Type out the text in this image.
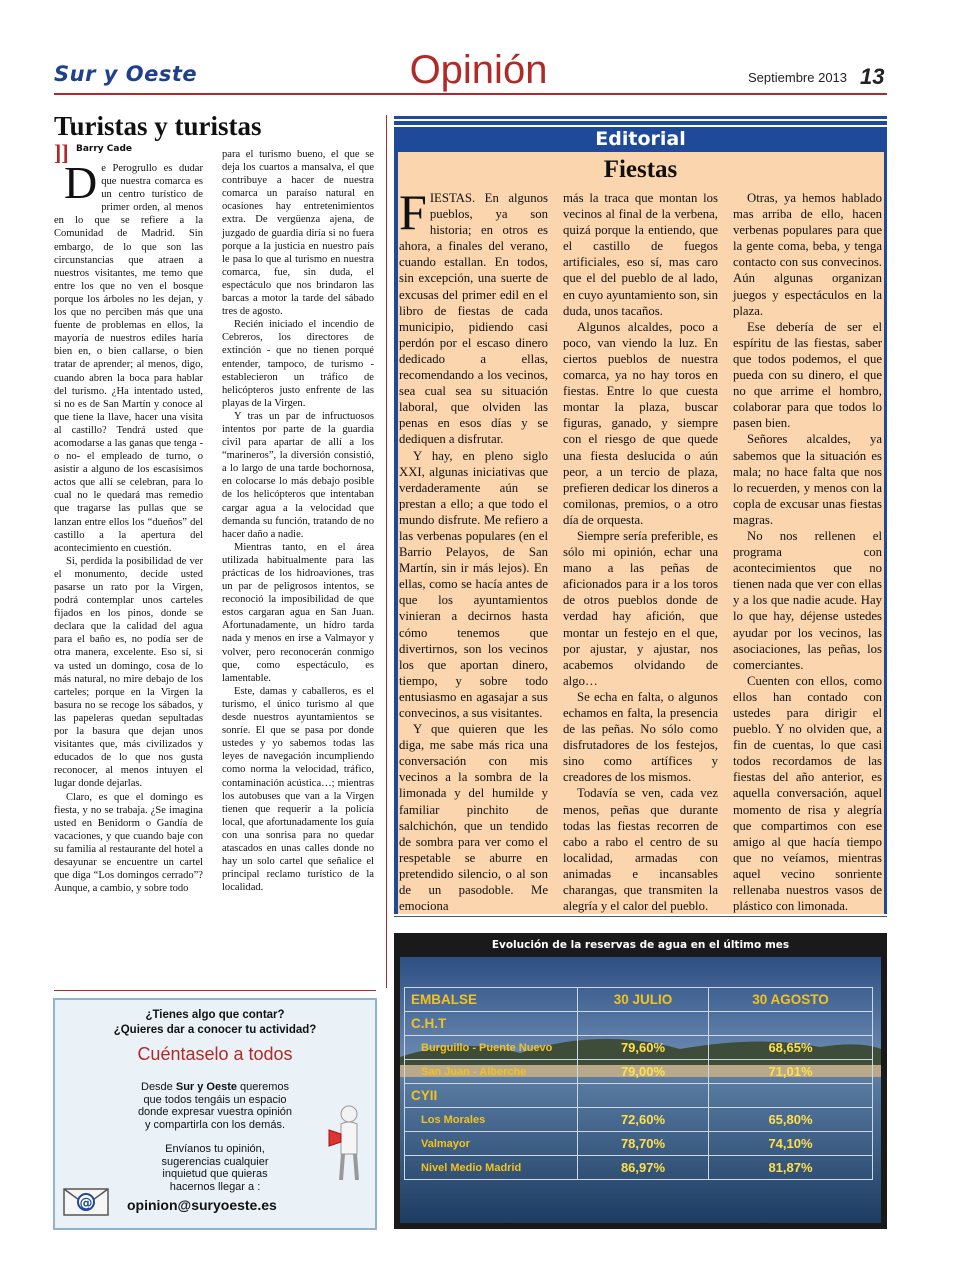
Sur y Oeste	Opinión	Septiembre 2013 13
Turistas y turistas
]] Barry Cade

De Perogrullo es dudar que nuestra comarca es un centro turístico de primer orden, al menos en lo que se refiere a la Comunidad de Madrid. Sin embargo, de lo que son las circunstancias que atraen a nuestros visitantes, me temo que entre los que no ven el bosque porque los árboles no les dejan, y los que no perciben más que una fuente de problemas en ellos, la mayoría de nuestros ediles haría bien en, o bien callarse, o bien tratar de aprender; al menos, digo, cuando abren la boca para hablar del turismo. ¿Ha intentado usted, si no es de San Martín y conoce al que tiene la llave, hacer una visita al castillo? Tendrá usted que acomodarse a las ganas que tenga -o no- el empleado de turno, o asistir a alguno de los escasísimos actos que allí se celebran, para lo cual no le quedará mas remedio que tragarse las pullas que se lanzan entre ellos los “dueños” del castillo a la apertura del acontecimiento en cuestión.

Si, perdida la posibilidad de ver el monumento, decide usted pasarse un rato por la Virgen, podrá contemplar unos carteles fijados en los pinos, donde se declara que la calidad del agua para el baño es, no podía ser de otra manera, excelente. Eso sí, si va usted un domingo, cosa de lo más natural, no mire debajo de los carteles; porque en la Virgen la basura no se recoge los sábados, y las papeleras quedan sepultadas por la basura que dejan unos visitantes que, más civilizados y educados de lo que nos gusta reconocer, al menos intuyen el lugar donde dejarlas.

Claro, es que el domingo es fiesta, y no se trabaja. ¿Se imagina usted en Benidorm o Gandía de vacaciones, y que cuando baje con su familia al restaurante del hotel a desayunar se encuentre un cartel que diga “Los domingos cerrado”? Aunque, a cambio, y sobre todo

para el turismo bueno, el que se deja los cuartos a mansalva, el que contribuye a hacer de nuestra comarca un paraíso natural en ocasiones hay entretenimientos extra. De vergüenza ajena, de juzgado de guardia diría si no fuera porque a la justicia en nuestro país le pasa lo que al turismo en nuestra comarca, fue, sin duda, el espectáculo que nos brindaron las barcas a motor la tarde del sábado tres de agosto.

Recién iniciado el incendio de Cebreros, los directores de extinción - que no tienen porqué entender, tampoco, de turismo - establecieron un tráfico de helicópteros justo enfrente de las playas de la Virgen.

Y tras un par de infructuosos intentos por parte de la guardia civil para apartar de allí a los “marineros”, la diversión consistió, a lo largo de una tarde bochornosa, en colocarse lo más debajo posible de los helicópteros que intentaban cargar agua a la velocidad que demanda su función, tratando de no hacer daño a nadie.

Mientras tanto, en el área utilizada habitualmente para las prácticas de los hidroaviones, tras un par de peligrosos intentos, se reconoció la imposibilidad de que estos cargaran agua en San Juan. Afortunadamente, un hidro tarda nada y menos en irse a Valmayor y volver, pero reconocerán conmigo que, como espectáculo, es lamentable.

Este, damas y caballeros, es el turismo, el único turismo al que desde nuestros ayuntamientos se sonríe. El que se pasa por donde ustedes y yo sabemos todas las leyes de navegación incumpliendo como norma la velocidad, tráfico, contaminación acústica…; mientras los autobuses que van a la Virgen tienen que requerir a la policía local, que afortunadamente los guía con una sonrisa para no quedar atascados en unas calles donde no hay un solo cartel que señalice el principal reclamo turístico de la localidad.

¿Tienes algo que contar?
¿Quieres dar a conocer tu actividad?
Cuéntaselo a todos
Desde Sur y Oeste queremos que todos tengáis un espacio donde expresar vuestra opinión y compartirla con los demás.
Envíanos tu opinión, sugerencias cualquier inquietud que quieras hacernos llegar a :
@ opinion@suryoeste.es
Editorial
Fiestas

FIESTAS. En algunos pueblos, ya son historia; en otros es ahora, a finales del verano, cuando estallan. En todos, sin excepción, una suerte de excusas del primer edil en el libro de fiestas de cada municipio, pidiendo casi perdón por el escaso dinero dedicado a ellas, recomendando a los vecinos, sea cual sea su situación laboral, que olviden las penas en esos días y se dediquen a disfrutar.

Y hay, en pleno siglo XXI, algunas iniciativas que verdaderamente aún se prestan a ello; a que todo el mundo disfrute. Me refiero a las verbenas populares (en el Barrio Pelayos, de San Martín, sin ir más lejos). En ellas, como se hacía antes de que los ayuntamientos vinieran a decirnos hasta cómo tenemos que divertirnos, son los vecinos los que aportan dinero, tiempo, y sobre todo entusiasmo en agasajar a sus convecinos, a sus visitantes.

Y que quieren que les diga, me sabe más rica una conversación con mis vecinos a la sombra de la limonada y del humilde y familiar pinchito de salchichón, que un tendido de sombra para ver como el respetable se aburre en pretendido silencio, o al son de un pasodoble. Me emociona

más la traca que montan los vecinos al final de la verbena, quizá porque la entiendo, que el castillo de fuegos artificiales, eso sí, mas caro que el del pueblo de al lado, en cuyo ayuntamiento son, sin duda, unos tacaños.

Algunos alcaldes, poco a poco, van viendo la luz. En ciertos pueblos de nuestra comarca, ya no hay toros en fiestas. Entre lo que cuesta montar la plaza, buscar figuras, ganado, y siempre con el riesgo de que quede una fiesta deslucida o aún peor, a un tercio de plaza, prefieren dedicar los dineros a comilonas, premios, o a otro día de orquesta.

Siempre sería preferible, es sólo mi opinión, echar una mano a las peñas de aficionados para ir a los toros de otros pueblos donde de verdad hay afición, que montar un festejo en el que, por ajustar, y ajustar, nos acabemos olvidando de algo…

Se echa en falta, o algunos echamos en falta, la presencia de las peñas. No sólo como disfrutadores de los festejos, sino como artífices y creadores de los mismos.

Todavía se ven, cada vez menos, peñas que durante todas las fiestas recorren de cabo a rabo el centro de su localidad, armadas con animadas e incansables charangas, que transmiten la alegría y el calor del pueblo.

Otras, ya hemos hablado mas arriba de ello, hacen verbenas populares para que la gente coma, beba, y tenga contacto con sus convecinos. Aún algunas organizan juegos y espectáculos en la plaza.

Ese debería de ser el espíritu de las fiestas, saber que todos podemos, el que pueda con su dinero, el que no que arrime el hombro, colaborar para que todos lo pasen bien.

Señores alcaldes, ya sabemos que la situación es mala; no hace falta que nos lo recuerden, y menos con la copla de excusar unas fiestas magras.

No nos rellenen el programa con acontecimientos que no tienen nada que ver con ellas y a los que nadie acude. Hay lo que hay, déjense ustedes ayudar por los vecinos, las asociaciones, las peñas, los comerciantes.

Cuenten con ellos, como ellos han contado con ustedes para dirigir el pueblo. Y no olviden que, a fin de cuentas, lo que casi todos recordamos de las fiestas del año anterior, es aquella conversación, aquel momento de risa y alegría que compartimos con ese amigo al que hacía tiempo que no veíamos, mientras aquel vecino sonriente rellenaba nuestros vasos de plástico con limonada.

Evolución de la reservas de agua en el último mes
EMBALSE	30 JULIO	30 AGOSTO
C.H.T		
Burguillo - Puente Nuevo	79,60%	68,65%
San Juan - Alberche	79,00%	71,01%
CYII		
Los Morales	72,60%	65,80%
Valmayor	78,70%	74,10%
Nivel Medio Madrid	86,97%	81,87%
